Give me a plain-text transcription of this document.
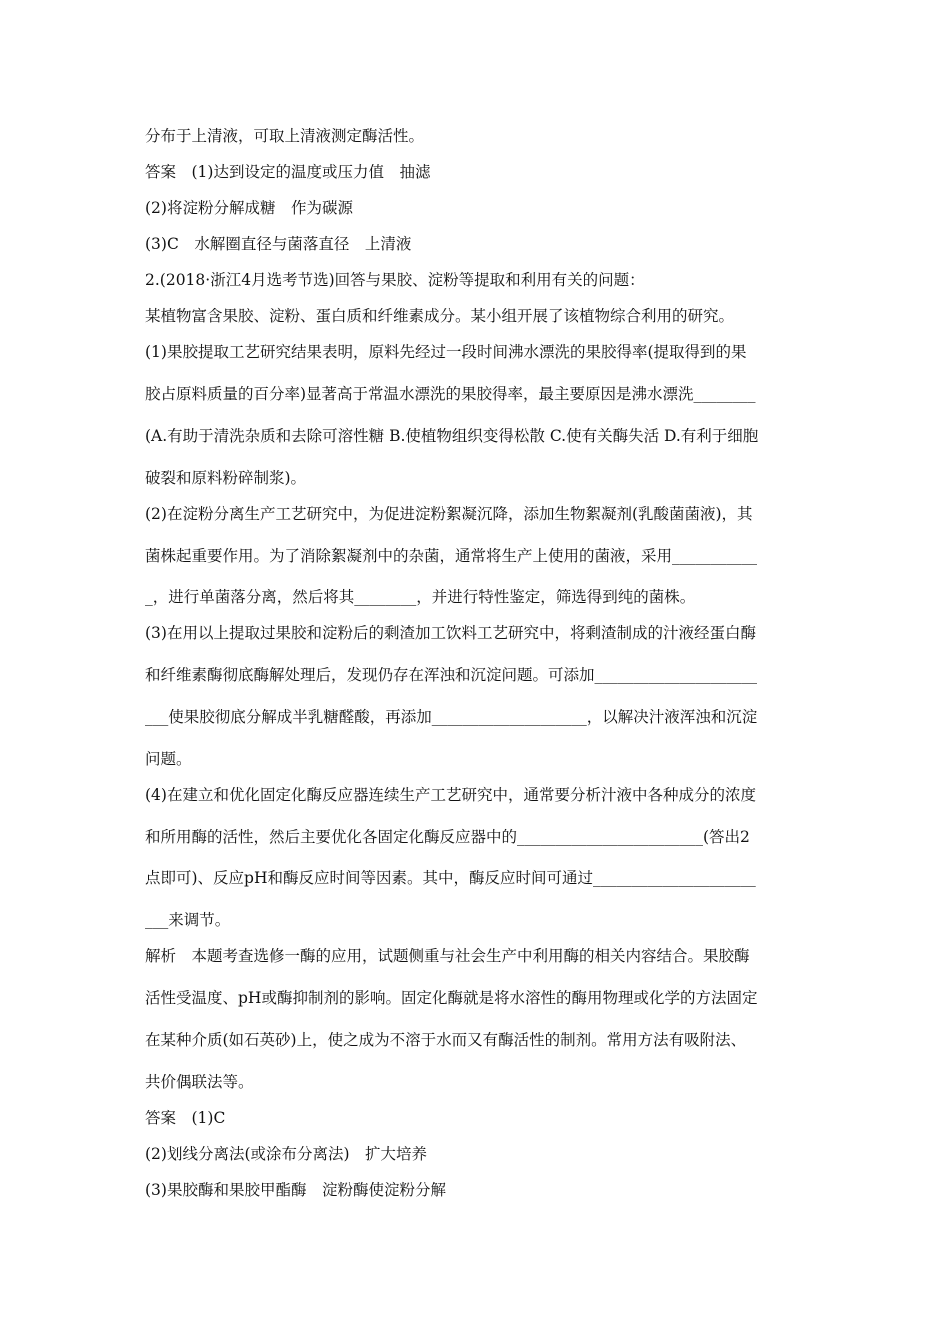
分布于上清液，可取上清液测定酶活性。
答案　(1)达到设定的温度或压力值　抽滤
(2)将淀粉分解成糖　作为碳源
(3)C　水解圈直径与菌落直径　上清液
2.(2018·浙江4月选考节选)回答与果胶、淀粉等提取和利用有关的问题：
某植物富含果胶、淀粉、蛋白质和纤维素成分。某小组开展了该植物综合利用的研究。
(1)果胶提取工艺研究结果表明，原料先经过一段时间沸水漂洗的果胶得率(提取得到的果
胶占原料质量的百分率)显著高于常温水漂洗的果胶得率，最主要原因是沸水漂洗________
(A.有助于清洗杂质和去除可溶性糖 B.使植物组织变得松散 C.使有关酶失活 D.有利于细胞
破裂和原料粉碎制浆)。
(2)在淀粉分离生产工艺研究中，为促进淀粉絮凝沉降，添加生物絮凝剂(乳酸菌菌液)，其
菌株起重要作用。为了消除絮凝剂中的杂菌，通常将生产上使用的菌液，采用___________
_，进行单菌落分离，然后将其________，并进行特性鉴定，筛选得到纯的菌株。
(3)在用以上提取过果胶和淀粉后的剩渣加工饮料工艺研究中，将剩渣制成的汁液经蛋白酶
和纤维素酶彻底酶解处理后，发现仍存在浑浊和沉淀问题。可添加_____________________
___使果胶彻底分解成半乳糖醛酸，再添加____________________，以解决汁液浑浊和沉淀
问题。
(4)在建立和优化固定化酶反应器连续生产工艺研究中，通常要分析汁液中各种成分的浓度
和所用酶的活性，然后主要优化各固定化酶反应器中的________________________(答出2
点即可)、反应pH和酶反应时间等因素。其中，酶反应时间可通过_____________________
___来调节。
解析　本题考查选修一酶的应用，试题侧重与社会生产中利用酶的相关内容结合。果胶酶
活性受温度、pH或酶抑制剂的影响。固定化酶就是将水溶性的酶用物理或化学的方法固定
在某种介质(如石英砂)上，使之成为不溶于水而又有酶活性的制剂。常用方法有吸附法、
共价偶联法等。
答案　(1)C
(2)划线分离法(或涂布分离法)　扩大培养
(3)果胶酶和果胶甲酯酶　淀粉酶使淀粉分解
